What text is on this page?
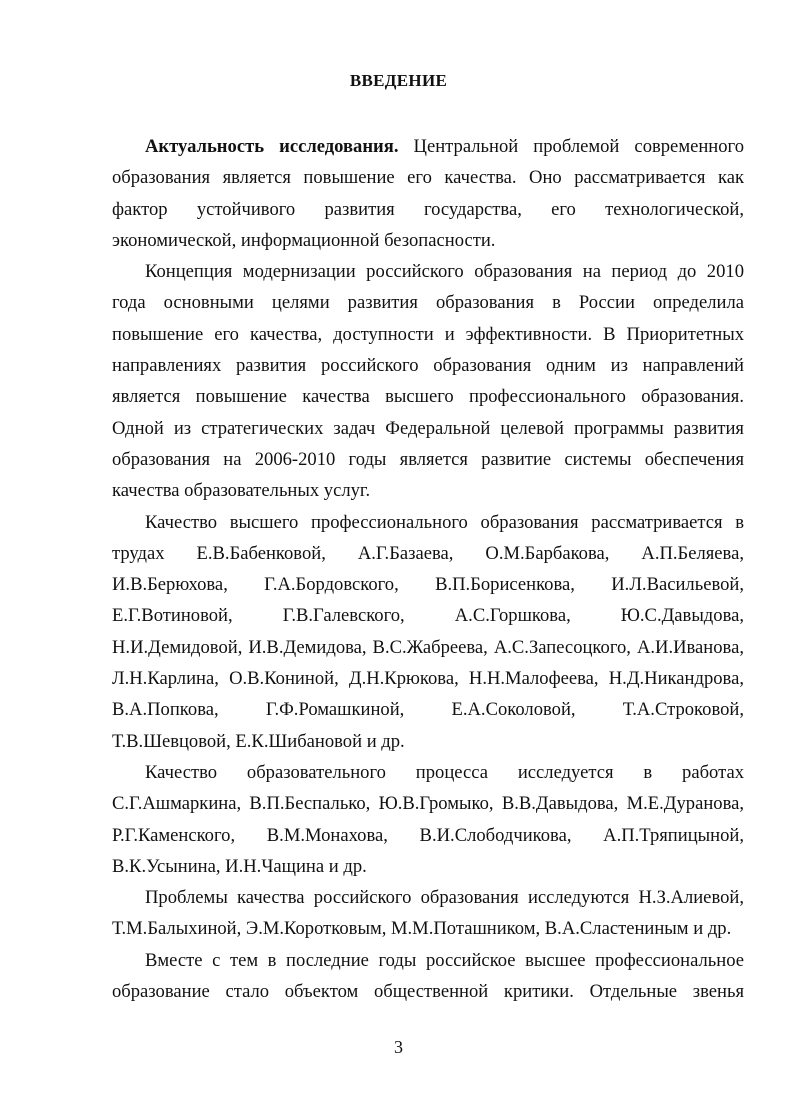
ВВЕДЕНИЕ
Актуальность исследования. Центральной проблемой современного
образования является повышение его качества. Оно рассматривается как
фактор устойчивого развития государства, его технологической,
экономической, информационной безопасности.
Концепция модернизации российского образования на период до 2010
года основными целями развития образования в России определила
повышение его качества, доступности и эффективности. В Приоритетных
направлениях развития российского образования одним из направлений
является повышение качества высшего профессионального образования.
Одной из стратегических задач Федеральной целевой программы развития
образования на 2006-2010 годы является развитие системы обеспечения
качества образовательных услуг.
Качество высшего профессионального образования рассматривается в
трудах Е.В.Бабенковой, А.Г.Базаева, О.М.Барбакова, А.П.Беляева,
И.В.Берюхова, Г.А.Бордовского, В.П.Борисенкова, И.Л.Васильевой,
Е.Г.Вотиновой, Г.В.Галевского, А.С.Горшкова, Ю.С.Давыдова,
Н.И.Демидовой, И.В.Демидова, В.С.Жабреева, А.С.Запесоцкого, А.И.Иванова,
Л.Н.Карлина, О.В.Кониной, Д.Н.Крюкова, Н.Н.Малофеева, Н.Д.Никандрова,
В.А.Попкова, Г.Ф.Ромашкиной, Е.А.Соколовой, Т.А.Строковой,
Т.В.Шевцовой, Е.К.Шибановой и др.
Качество образовательного процесса исследуется в работах
С.Г.Ашмаркина, В.П.Беспалько, Ю.В.Громыко, В.В.Давыдова, М.Е.Дуранова,
Р.Г.Каменского, В.М.Монахова, В.И.Слободчикова, А.П.Тряпицыной,
В.К.Усынина, И.Н.Чащина и др.
Проблемы качества российского образования исследуются Н.З.Алиевой,
Т.М.Балыхиной, Э.М.Коротковым, М.М.Поташником, В.А.Сластениным и др.
Вместе с тем в последние годы российское высшее профессиональное
образование стало объектом общественной критики. Отдельные звенья
3
